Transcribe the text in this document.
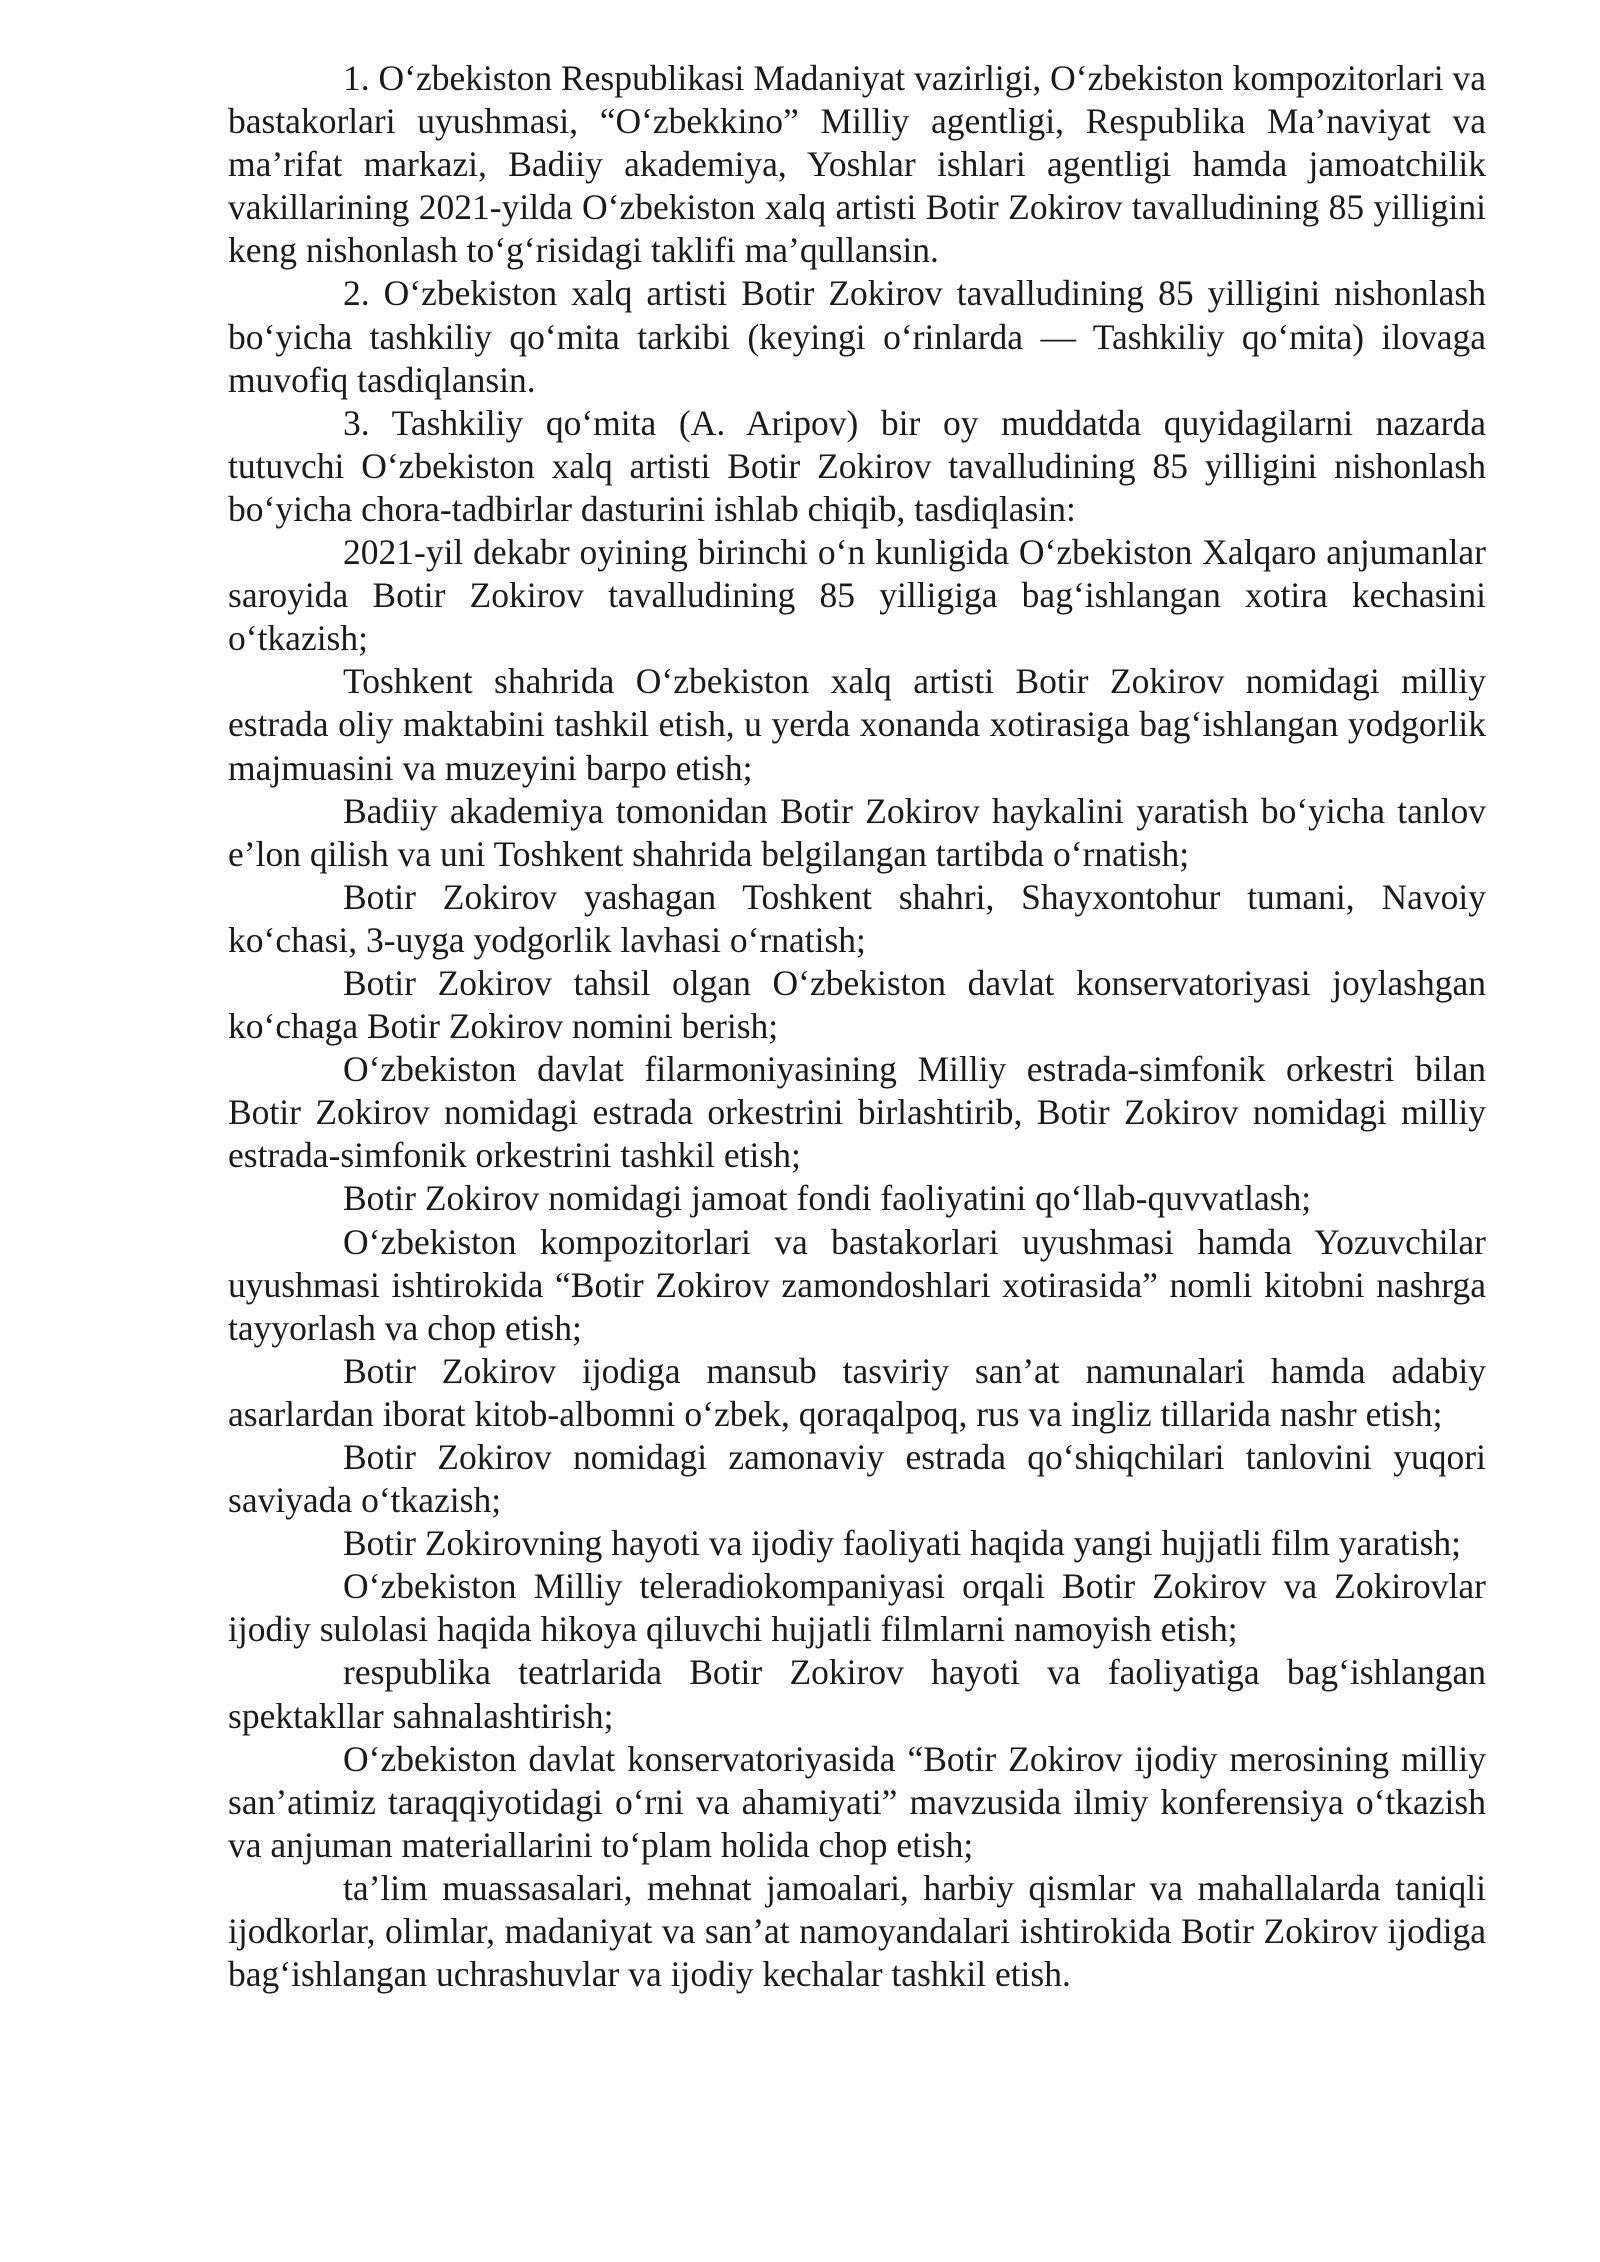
1. O‘zbekiston Respublikasi Madaniyat vazirligi, O‘zbekiston kompozitorlari va bastakorlari uyushmasi, “O‘zbekkino” Milliy agentligi, Respublika Ma’naviyat va ma’rifat markazi, Badiiy akademiya, Yoshlar ishlari agentligi hamda jamoatchilik vakillarining 2021-yilda O‘zbekiston xalq artisti Botir Zokirov tavalludining 85 yilligini keng nishonlash to‘g‘risidagi taklifi ma’qullansin.

2. O‘zbekiston xalq artisti Botir Zokirov tavalludining 85 yilligini nishonlash bo‘yicha tashkiliy qo‘mita tarkibi (keyingi o‘rinlarda — Tashkiliy qo‘mita) ilovaga muvofiq tasdiqlansin.

3. Tashkiliy qo‘mita (A. Aripov) bir oy muddatda quyidagilarni nazarda tutuvchi O‘zbekiston xalq artisti Botir Zokirov tavalludining 85 yilligini nishonlash bo‘yicha chora-tadbirlar dasturini ishlab chiqib, tasdiqlasin:

2021-yil dekabr oyining birinchi o‘n kunligida O‘zbekiston Xalqaro anjumanlar saroyida Botir Zokirov tavalludining 85 yilligiga bag‘ishlangan xotira kechasini o‘tkazish;

Toshkent shahrida O‘zbekiston xalq artisti Botir Zokirov nomidagi milliy estrada oliy maktabini tashkil etish, u yerda xonanda xotirasiga bag‘ishlangan yodgorlik majmuasini va muzeyini barpo etish;

Badiiy akademiya tomonidan Botir Zokirov haykalini yaratish bo‘yicha tanlov e’lon qilish va uni Toshkent shahrida belgilangan tartibda o‘rnatish;

Botir Zokirov yashagan Toshkent shahri, Shayxontohur tumani, Navoiy ko‘chasi, 3-uyga yodgorlik lavhasi o‘rnatish;

Botir Zokirov tahsil olgan O‘zbekiston davlat konservatoriyasi joylashgan ko‘chaga Botir Zokirov nomini berish;

O‘zbekiston davlat filarmoniyasining Milliy estrada-simfonik orkestri bilan Botir Zokirov nomidagi estrada orkestrini birlashtirib, Botir Zokirov nomidagi milliy estrada-simfonik orkestrini tashkil etish;

Botir Zokirov nomidagi jamoat fondi faoliyatini qo‘llab-quvvatlash;

O‘zbekiston kompozitorlari va bastakorlari uyushmasi hamda Yozuvchilar uyushmasi ishtirokida “Botir Zokirov zamondoshlari xotirasida” nomli kitobni nashrga tayyorlash va chop etish;

Botir Zokirov ijodiga mansub tasviriy san’at namunalari hamda adabiy asarlardan iborat kitob-albomni o‘zbek, qoraqalpoq, rus va ingliz tillarida nashr etish;

Botir Zokirov nomidagi zamonaviy estrada qo‘shiqchilari tanlovini yuqori saviyada o‘tkazish;

Botir Zokirovning hayoti va ijodiy faoliyati haqida yangi hujjatli film yaratish;

O‘zbekiston Milliy teleradiokompaniyasi orqali Botir Zokirov va Zokirovlar ijodiy sulolasi haqida hikoya qiluvchi hujjatli filmlarni namoyish etish;

respublika teatrlarida Botir Zokirov hayoti va faoliyatiga bag‘ishlangan spektakllar sahnalashtirish;

O‘zbekiston davlat konservatoriyasida “Botir Zokirov ijodiy merosining milliy san’atimiz taraqqiyotidagi o‘rni va ahamiyati” mavzusida ilmiy konferensiya o‘tkazish va anjuman materiallarini to‘plam holida chop etish;

ta’lim muassasalari, mehnat jamoalari, harbiy qismlar va mahallalarda taniqli ijodkorlar, olimlar, madaniyat va san’at namoyandalari ishtirokida Botir Zokirov ijodiga bag‘ishlangan uchrashuvlar va ijodiy kechalar tashkil etish.
